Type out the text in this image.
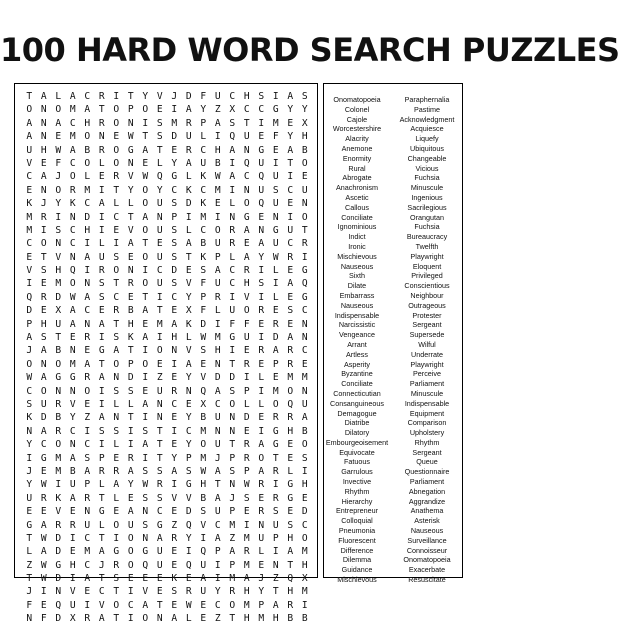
100 HARD WORD SEARCH PUZZLES
T A L A C R I T Y V J D F U C H S I A S
O N O M A T O P O E I A Y Z X C C G Y Y
A N A C H R O N I S M R P A S T I M E X
A N E M O N E W T S D U L I Q U E F Y H
U H W A B R O G A T E R C H A N G E A B
V E F C O L O N E L Y A U B I Q U I T O
C A J O L E R V W Q G L K W A C Q U I E
E N O R M I T Y O Y C K C M I N U S C U
K J Y K C A L L O U S D K E L O Q U E N
M R I N D I C T A N P I M I N G E N I O
M I S C H I E V O U S L C O R A N G U T
C O N C I L I A T E S A B U R E A U C R
E T V N A U S E O U S T K P L A Y W R I
V S H Q I R O N I C D E S A C R I L E G
I E M O N S T R O U S V F U C H S I A Q
Q R D W A S C E T I C Y P R I V I L E G
D E X A C E R B A T E X F L U O R E S C
P H U A N A T H E M A K D I F F E R E N
A S T E R I S K A I H L W M G U I D A N
J A B N E G A T I O N V S H I E R A R C
O N O M A T O P O E I A E N T R E P R E
W A G G R A N D I Z E Y V D D I L E M M
C O N N O I S S E U R N Q A S P I M O N
S U R V E I L L A N C E X C O L L O Q U
K D B Y Z A N T I N E Y B U N D E R R A
N A R C I S S I S T I C M N N E I G H B
Y C O N C I L I A T E Y O U T R A G E O
I G M A S P E R I T Y P M J P R O T E S
J E M B A R R A S S A S W A S P A R L I
Y W I U P L A Y W R I G H T N W R I G H
U R K A R T L E S S V V B A J S E R G E
E E V E N G E A N C E D S U P E R S E D
G A R R U L O U S G Z Q V C M I N U S C
T W D I C T I O N A R Y I A Z M U P H O
L A D E M A G O G U E I Q P A R L I A M
Z W G H C J R O Q U E Q U I P M E N T H
T W D I A T S E E E K E A I M A J Z Q X
J I N V E C T I V E S R U Y R H Y T H M
F E Q U I V O C A T E W E C O M P A R I
N F D X R A T I O N A L E Z T H M H B B
Onomatopoeia
Colonel
Cajole
Worcestershire
Alacrity
Anemone
Enormity
Rural
Abrogate
Anachronism
Ascetic
Callous
Conciliate
Ignominious
Indict
Ironic
Mischievous
Nauseous
Sixth
Dilate
Embarrass
Nauseous
Indispensable
Narcissistic
Vengeance
Arrant
Artless
Asperity
Byzantine
Conciliate
Connecticutian
Consanguineous
Demagogue
Diatribe
Dilatory
Embourgeoisement
Equivocate
Fatuous
Garrulous
Invective
Rhythm
Hierarchy
Entrepreneur
Colloquial
Pneumonia
Fluorescent
Difference
Dilemma
Guidance
Mischievous
Paraphernalia
Pastime
Acknowledgment
Acquiesce
Liquefy
Ubiquitous
Changeable
Vicious
Fuchsia
Minuscule
Ingenious
Sacrilegious
Orangutan
Fuchsia
Bureaucracy
Twelfth
Playwright
Eloquent
Privileged
Conscientious
Neighbour
Outrageous
Protester
Sergeant
Supersede
Wilful
Underrate
Playwright
Perceive
Parliament
Minuscule
Indispensable
Equipment
Comparison
Upholstery
Rhythm
Sergeant
Queue
Questionnaire
Parliament
Abnegation
Aggrandize
Anathema
Asterisk
Nauseous
Surveillance
Connoisseur
Onomatopoeia
Exacerbate
Resuscitate
